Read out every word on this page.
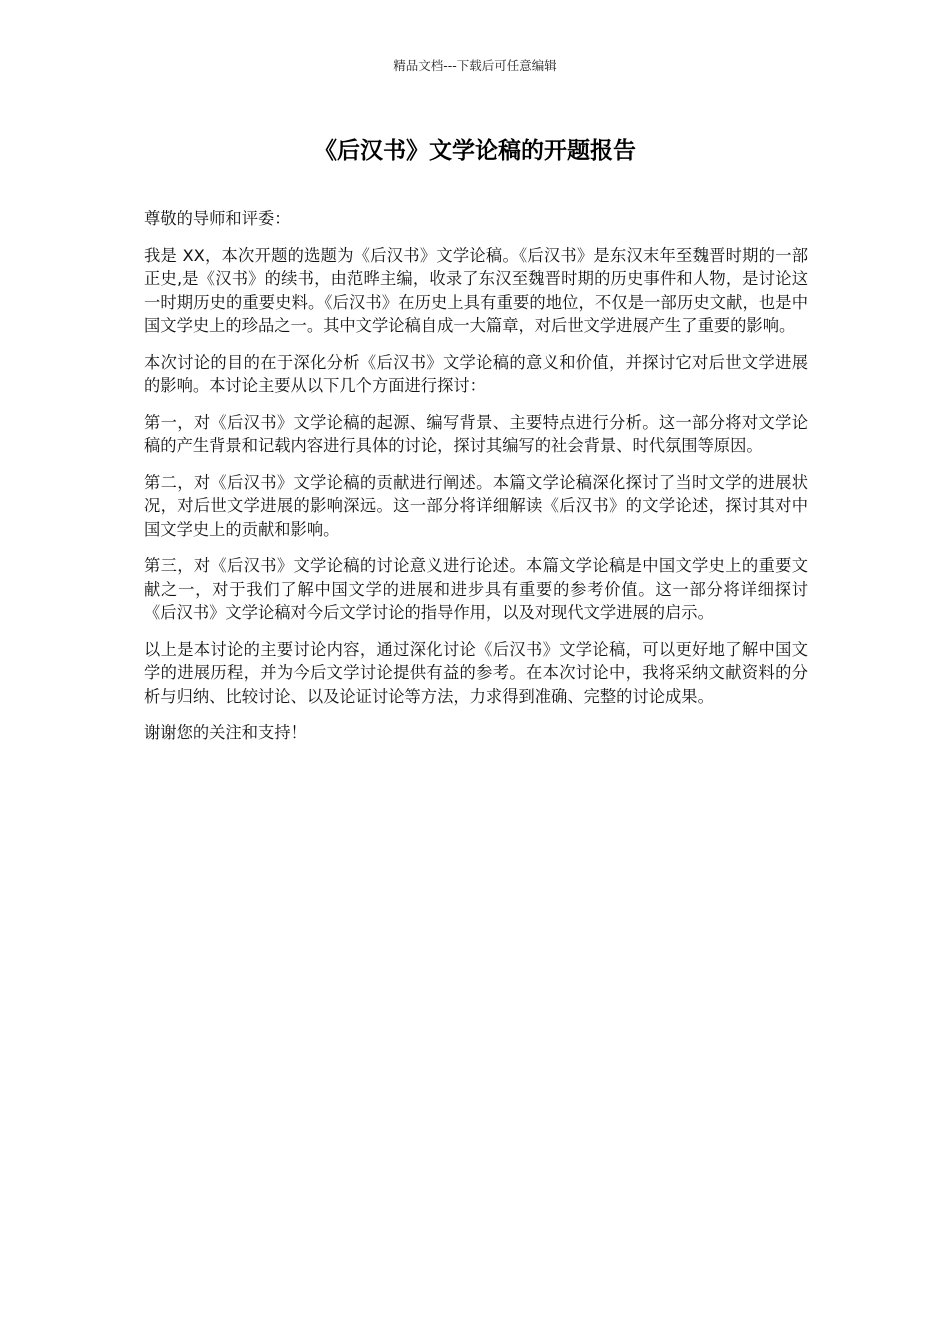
精品文档---下载后可任意编辑
《后汉书》文学论稿的开题报告

尊敬的导师和评委：

我是 XX，本次开题的选题为《后汉书》文学论稿。《后汉书》是东汉末年至魏晋时期的一部正史,是《汉书》的续书，由范晔主编，收录了东汉至魏晋时期的历史事件和人物，是讨论这一时期历史的重要史料。《后汉书》在历史上具有重要的地位，不仅是一部历史文献，也是中国文学史上的珍品之一。其中文学论稿自成一大篇章，对后世文学进展产生了重要的影响。

本次讨论的目的在于深化分析《后汉书》文学论稿的意义和价值，并探讨它对后世文学进展的影响。本讨论主要从以下几个方面进行探讨：

第一，对《后汉书》文学论稿的起源、编写背景、主要特点进行分析。这一部分将对文学论稿的产生背景和记载内容进行具体的讨论，探讨其编写的社会背景、时代氛围等原因。

第二，对《后汉书》文学论稿的贡献进行阐述。本篇文学论稿深化探讨了当时文学的进展状况，对后世文学进展的影响深远。这一部分将详细解读《后汉书》的文学论述，探讨其对中国文学史上的贡献和影响。

第三，对《后汉书》文学论稿的讨论意义进行论述。本篇文学论稿是中国文学史上的重要文献之一，对于我们了解中国文学的进展和进步具有重要的参考价值。这一部分将详细探讨《后汉书》文学论稿对今后文学讨论的指导作用，以及对现代文学进展的启示。

以上是本讨论的主要讨论内容，通过深化讨论《后汉书》文学论稿，可以更好地了解中国文学的进展历程，并为今后文学讨论提供有益的参考。在本次讨论中，我将采纳文献资料的分析与归纳、比较讨论、以及论证讨论等方法，力求得到准确、完整的讨论成果。

谢谢您的关注和支持！
